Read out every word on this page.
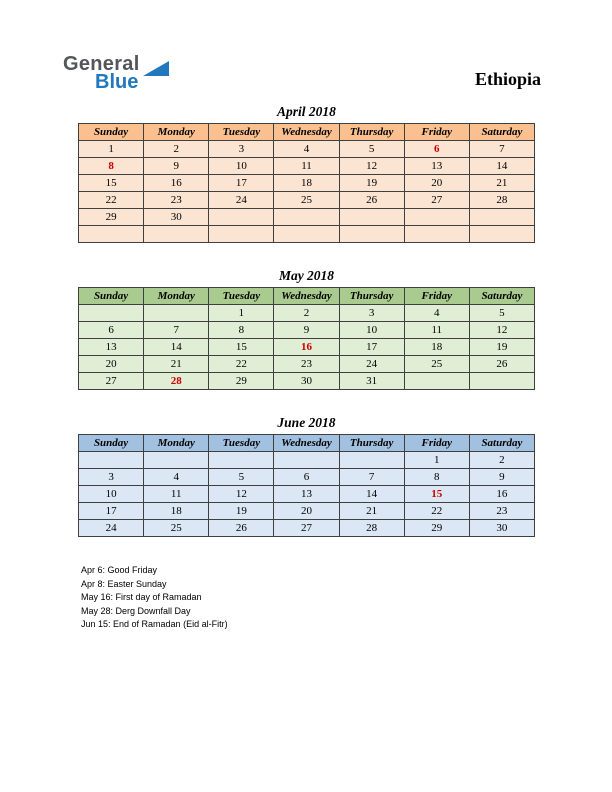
General
Blue	Ethiopia
April 2018
Sunday	Monday	Tuesday	Wednesday	Thursday	Friday	Saturday
1	2	3	4	5	6	7
8	9	10	11	12	13	14
15	16	17	18	19	20	21
22	23	24	25	26	27	28
29	30					

May 2018
Sunday	Monday	Tuesday	Wednesday	Thursday	Friday	Saturday
		1	2	3	4	5
6	7	8	9	10	11	12
13	14	15	16	17	18	19
20	21	22	23	24	25	26
27	28	29	30	31		
June 2018
Sunday	Monday	Tuesday	Wednesday	Thursday	Friday	Saturday
					1	2
3	4	5	6	7	8	9
10	11	12	13	14	15	16
17	18	19	20	21	22	23
24	25	26	27	28	29	30
Apr 6: Good Friday
Apr 8: Easter Sunday
May 16: First day of Ramadan
May 28: Derg Downfall Day
Jun 15: End of Ramadan (Eid al-Fitr)
